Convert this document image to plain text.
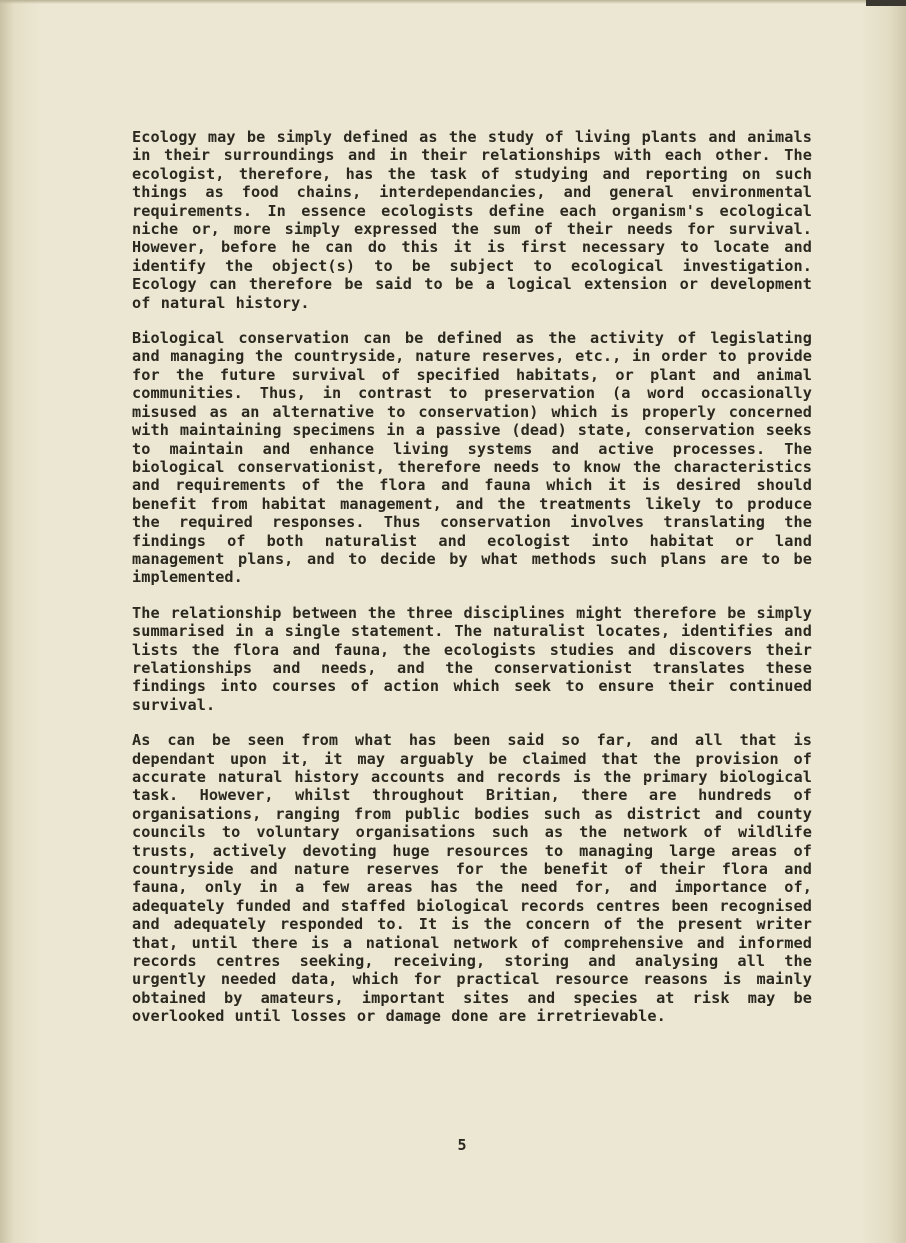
Ecology may be simply defined as the study of living plants and animals in their surroundings and in their relationships with each other. The ecologist, therefore, has the task of studying and reporting on such things as food chains, interdependancies, and general environmental requirements. In essence ecologists define each organism's ecological niche or, more simply expressed the sum of their needs for survival. However, before he can do this it is first necessary to locate and identify the object(s) to be subject to ecological investigation. Ecology can therefore be said to be a logical extension or development of natural history.

Biological conservation can be defined as the activity of legislating and managing the countryside, nature reserves, etc., in order to provide for the future survival of specified habitats, or plant and animal communities. Thus, in contrast to preservation (a word occasionally misused as an alternative to conservation) which is properly concerned with maintaining specimens in a passive (dead) state, conservation seeks to maintain and enhance living systems and active processes. The biological conservationist, therefore needs to know the characteristics and requirements of the flora and fauna which it is desired should benefit from habitat management, and the treatments likely to produce the required responses. Thus conservation involves translating the findings of both naturalist and ecologist into habitat or land management plans, and to decide by what methods such plans are to be implemented.

The relationship between the three disciplines might therefore be simply summarised in a single statement. The naturalist locates, identifies and lists the flora and fauna, the ecologists studies and discovers their relationships and needs, and the conservationist translates these findings into courses of action which seek to ensure their continued survival.

As can be seen from what has been said so far, and all that is dependant upon it, it may arguably be claimed that the provision of accurate natural history accounts and records is the primary biological task. However, whilst throughout Britian, there are hundreds of organisations, ranging from public bodies such as district and county councils to voluntary organisations such as the network of wildlife trusts, actively devoting huge resources to managing large areas of countryside and nature reserves for the benefit of their flora and fauna, only in a few areas has the need for, and importance of, adequately funded and staffed biological records centres been recognised and adequately responded to. It is the concern of the present writer that, until there is a national network of comprehensive and informed records centres seeking, receiving, storing and analysing all the urgently needed data, which for practical resource reasons is mainly obtained by amateurs, important sites and species at risk may be overlooked until losses or damage done are irretrievable.

5
